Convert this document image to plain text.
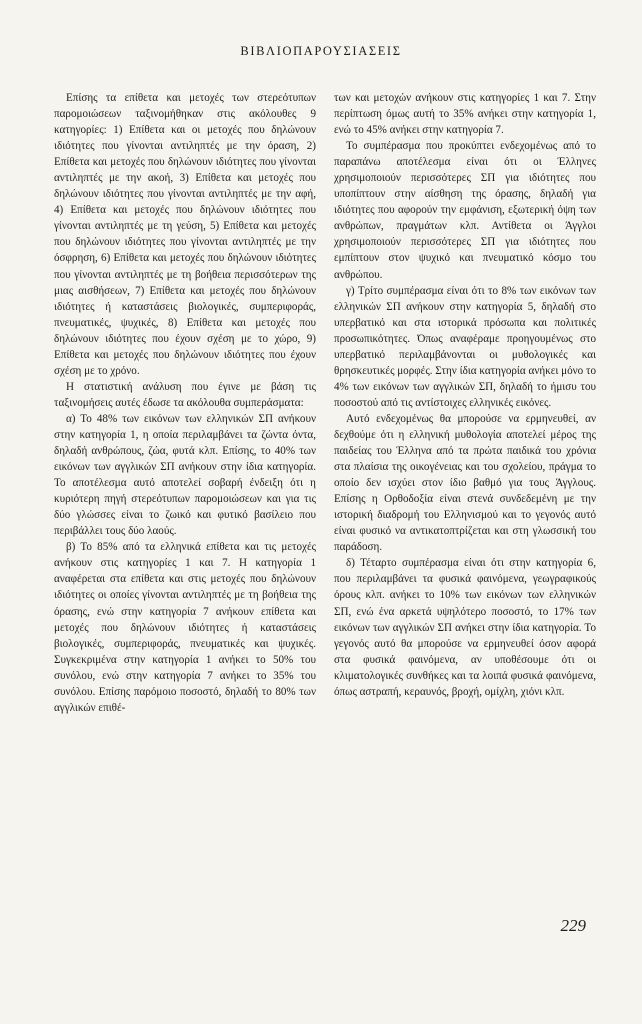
ΒΙΒΛΙΟΠΑΡΟΥΣΙΑΣΕΙΣ

Επίσης τα επίθετα και μετοχές των στερεότυπων παρομοιώσεων ταξινομήθηκαν στις ακόλουθες 9 κατηγορίες: 1) Επίθετα και οι μετοχές που δηλώνουν ιδιότητες που γίνονται αντιληπτές με την όραση, 2) Επίθετα και μετοχές που δηλώνουν ιδιότητες που γίνονται αντιληπτές με την ακοή, 3) Επίθετα και μετοχές που δηλώνουν ιδιότητες που γίνονται αντιληπτές με την αφή, 4) Επίθετα και μετοχές που δηλώνουν ιδιότητες που γίνονται αντιληπτές με τη γεύση, 5) Επίθετα και μετοχές που δηλώνουν ιδιότητες που γίνονται αντιληπτές με την όσφρηση, 6) Επίθετα και μετοχές που δηλώνουν ιδιότητες που γίνονται αντιληπτές με τη βοήθεια περισσότερων της μιας αισθήσεων, 7) Επίθετα και μετοχές που δηλώνουν ιδιότητες ή καταστάσεις βιολογικές, συμπεριφοράς, πνευματικές, ψυχικές, 8) Επίθετα και μετοχές που δηλώνουν ιδιότητες που έχουν σχέση με το χώρο, 9) Επίθετα και μετοχές που δηλώνουν ιδιότητες που έχουν σχέση με το χρόνο.

Η στατιστική ανάλυση που έγινε με βάση τις ταξινομήσεις αυτές έδωσε τα ακόλουθα συμπεράσματα:

α) Το 48% των εικόνων των ελληνικών ΣΠ ανήκουν στην κατηγορία 1, η οποία περιλαμβάνει τα ζώντα όντα, δηλαδή ανθρώπους, ζώα, φυτά κλπ. Επίσης, το 40% των εικόνων των αγγλικών ΣΠ ανήκουν στην ίδια κατηγορία. Το αποτέλεσμα αυτό αποτελεί σοβαρή ένδειξη ότι η κυριότερη πηγή στερεότυπων παρομοιώσεων και για τις δύο γλώσσες είναι το ζωικό και φυτικό βασίλειο που περιβάλλει τους δύο λαούς.

β) Το 85% από τα ελληνικά επίθετα και τις μετοχές ανήκουν στις κατηγορίες 1 και 7. Η κατηγορία 1 αναφέρεται στα επίθετα και στις μετοχές που δηλώνουν ιδιότητες οι οποίες γίνονται αντιληπτές με τη βοήθεια της όρασης, ενώ στην κατηγορία 7 ανήκουν επίθετα και μετοχές που δηλώνουν ιδιότητες ή καταστάσεις βιολογικές, συμπεριφοράς, πνευματικές και ψυχικές. Συγκεκριμένα στην κατηγορία 1 ανήκει το 50% του συνόλου, ενώ στην κατηγορία 7 ανήκει το 35% του συνόλου. Επίσης παρόμοιο ποσοστό, δηλαδή το 80% των αγγλικών επιθέ-

των και μετοχών ανήκουν στις κατηγορίες 1 και 7. Στην περίπτωση όμως αυτή το 35% ανήκει στην κατηγορία 1, ενώ το 45% ανήκει στην κατηγορία 7.

Το συμπέρασμα που προκύπτει ενδεχομένως από το παραπάνω αποτέλεσμα είναι ότι οι Έλληνες χρησιμοποιούν περισσότερες ΣΠ για ιδιότητες που υποπίπτουν στην αίσθηση της όρασης, δηλαδή για ιδιότητες που αφορούν την εμφάνιση, εξωτερική όψη των ανθρώπων, πραγμάτων κλπ. Αντίθετα οι Άγγλοι χρησιμοποιούν περισσότερες ΣΠ για ιδιότητες που εμπίπτουν στον ψυχικό και πνευματικό κόσμο του ανθρώπου.

γ) Τρίτο συμπέρασμα είναι ότι το 8% των εικόνων των ελληνικών ΣΠ ανήκουν στην κατηγορία 5, δηλαδή στο υπερβατικό και στα ιστορικά πρόσωπα και πολιτικές προσωπικότητες. Όπως αναφέραμε προηγουμένως στο υπερβατικό περιλαμβάνονται οι μυθολογικές και θρησκευτικές μορφές. Στην ίδια κατηγορία ανήκει μόνο το 4% των εικόνων των αγγλικών ΣΠ, δηλαδή το ήμισυ του ποσοστού από τις αντίστοιχες ελληνικές εικόνες.

Αυτό ενδεχομένως θα μπορούσε να ερμηνευθεί, αν δεχθούμε ότι η ελληνική μυθολογία αποτελεί μέρος της παιδείας του Έλληνα από τα πρώτα παιδικά του χρόνια στα πλαίσια της οικογένειας και του σχολείου, πράγμα το οποίο δεν ισχύει στον ίδιο βαθμό για τους Άγγλους. Επίσης η Ορθοδοξία είναι στενά συνδεδεμένη με την ιστορική διαδρομή του Ελληνισμού και το γεγονός αυτό είναι φυσικό να αντικατοπτρίζεται και στη γλωσσική του παράδοση.

δ) Τέταρτο συμπέρασμα είναι ότι στην κατηγορία 6, που περιλαμβάνει τα φυσικά φαινόμενα, γεωγραφικούς όρους κλπ. ανήκει το 10% των εικόνων των ελληνικών ΣΠ, ενώ ένα αρκετά υψηλότερο ποσοστό, το 17% των εικόνων των αγγλικών ΣΠ ανήκει στην ίδια κατηγορία. Το γεγονός αυτό θα μπορούσε να ερμηνευθεί όσον αφορά στα φυσικά φαινόμενα, αν υποθέσουμε ότι οι κλιματολογικές συνθήκες και τα λοιπά φυσικά φαινόμενα, όπως αστραπή, κεραυνός, βροχή, ομίχλη, χιόνι κλπ.

229
